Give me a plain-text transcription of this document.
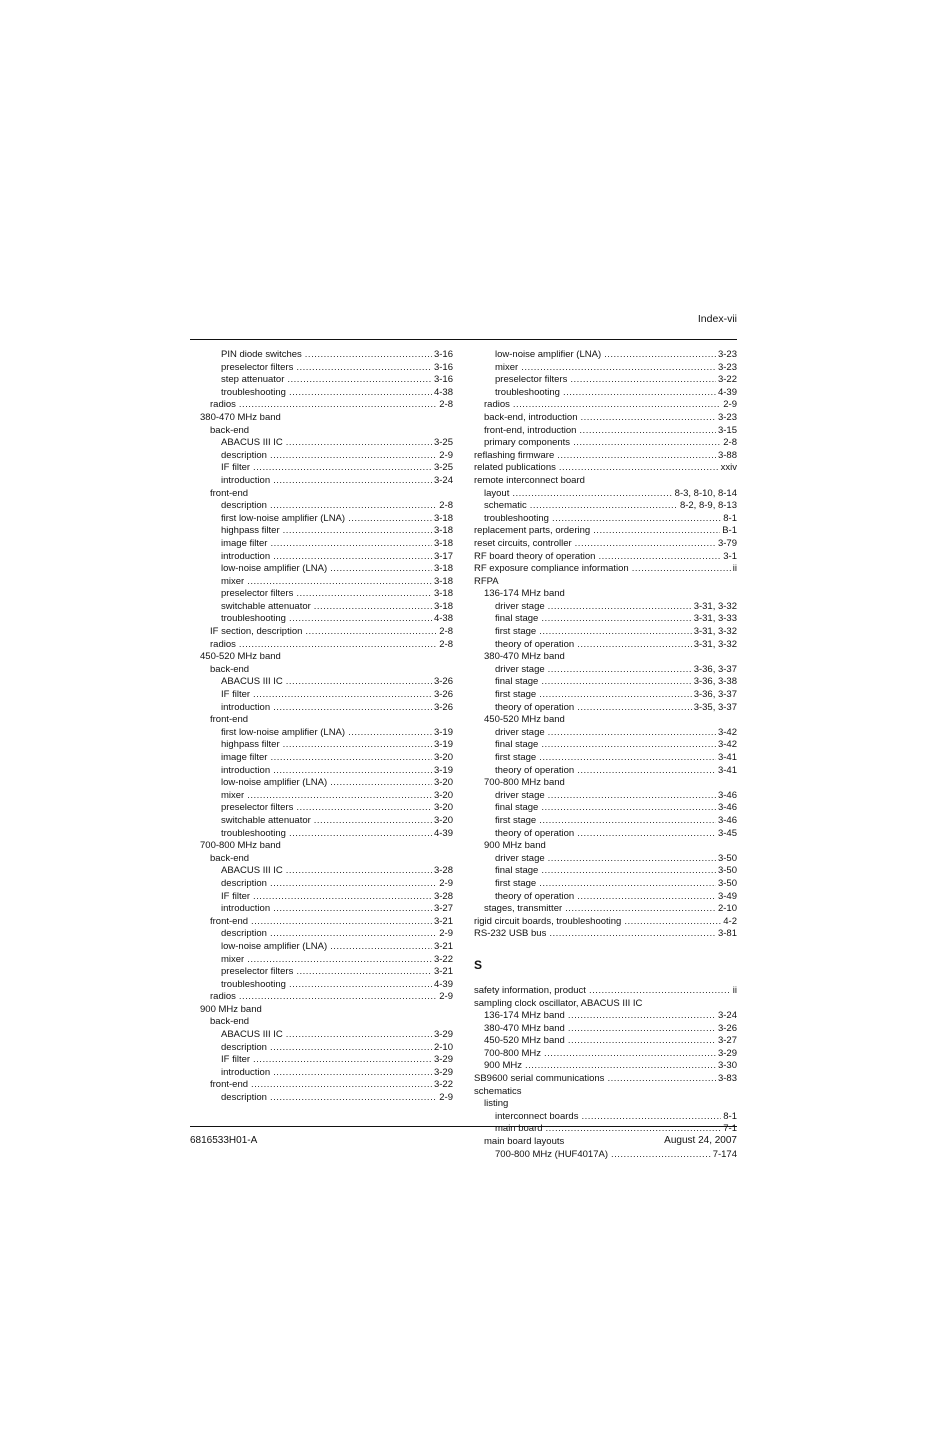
Index-vii
PIN diode switches .....	3-16
preselector filters .....	3-16
step attenuator .....	3-16
troubleshooting .....	4-38
radios .....	2-8
380-470 MHz band
back-end
ABACUS III IC .....	3-25
description .....	2-9
IF filter .....	3-25
introduction .....	3-24
front-end
description .....	2-8
first low-noise amplifier (LNA) .....	3-18
highpass filter .....	3-18
image filter .....	3-18
introduction .....	3-17
low-noise amplifier (LNA) .....	3-18
mixer .....	3-18
preselector filters .....	3-18
switchable attenuator .....	3-18
troubleshooting .....	4-38
IF section, description .....	2-8
radios .....	2-8
450-520 MHz band
back-end
ABACUS III IC .....	3-26
IF filter .....	3-26
introduction .....	3-26
front-end
first low-noise amplifier (LNA) .....	3-19
highpass filter .....	3-19
image filter .....	3-20
introduction .....	3-19
low-noise amplifier (LNA) .....	3-20
mixer .....	3-20
preselector filters .....	3-20
switchable attenuator .....	3-20
troubleshooting .....	4-39
700-800 MHz band
back-end
ABACUS III IC .....	3-28
description .....	2-9
IF filter .....	3-28
introduction .....	3-27
front-end .....	3-21
description .....	2-9
low-noise amplifier (LNA) .....	3-21
mixer .....	3-22
preselector filters .....	3-21
troubleshooting .....	4-39
radios .....	2-9
900 MHz band
back-end
ABACUS III IC .....	3-29
description .....	2-10
IF filter .....	3-29
introduction .....	3-29
front-end .....	3-22
description .....	2-9
low-noise amplifier (LNA) .....	3-23
mixer .....	3-23
preselector filters .....	3-22
troubleshooting .....	4-39
radios .....	2-9
back-end, introduction .....	3-23
front-end, introduction .....	3-15
primary components .....	2-8
reflashing firmware .....	3-88
related publications .....	xxiv
remote interconnect board
layout .....	8-3, 8-10, 8-14
schematic .....	8-2, 8-9, 8-13
troubleshooting .....	8-1
replacement parts, ordering .....	B-1
reset circuits, controller .....	3-79
RF board theory of operation .....	3-1
RF exposure compliance information .....	ii
RFPA
136-174 MHz band
driver stage .....	3-31, 3-32
final stage .....	3-31, 3-33
first stage .....	3-31, 3-32
theory of operation .....	3-31, 3-32
380-470 MHz band
driver stage .....	3-36, 3-37
final stage .....	3-36, 3-38
first stage .....	3-36, 3-37
theory of operation .....	3-35, 3-37
450-520 MHz band
driver stage .....	3-42
final stage .....	3-42
first stage .....	3-41
theory of operation .....	3-41
700-800 MHz band
driver stage .....	3-46
final stage .....	3-46
first stage .....	3-46
theory of operation .....	3-45
900 MHz band
driver stage .....	3-50
final stage .....	3-50
first stage .....	3-50
theory of operation .....	3-49
stages, transmitter .....	2-10
rigid circuit boards, troubleshooting .....	4-2
RS-232 USB bus .....	3-81
S
safety information, product .....	ii
sampling clock oscillator, ABACUS III IC
136-174 MHz band .....	3-24
380-470 MHz band .....	3-26
450-520 MHz band .....	3-27
700-800 MHz .....	3-29
900 MHz .....	3-30
SB9600 serial communications .....	3-83
schematics
listing
interconnect boards .....	8-1
main board .....	7-1
main board layouts
700-800 MHz (HUF4017A) .....	7-174
6816533H01-A	August 24, 2007
